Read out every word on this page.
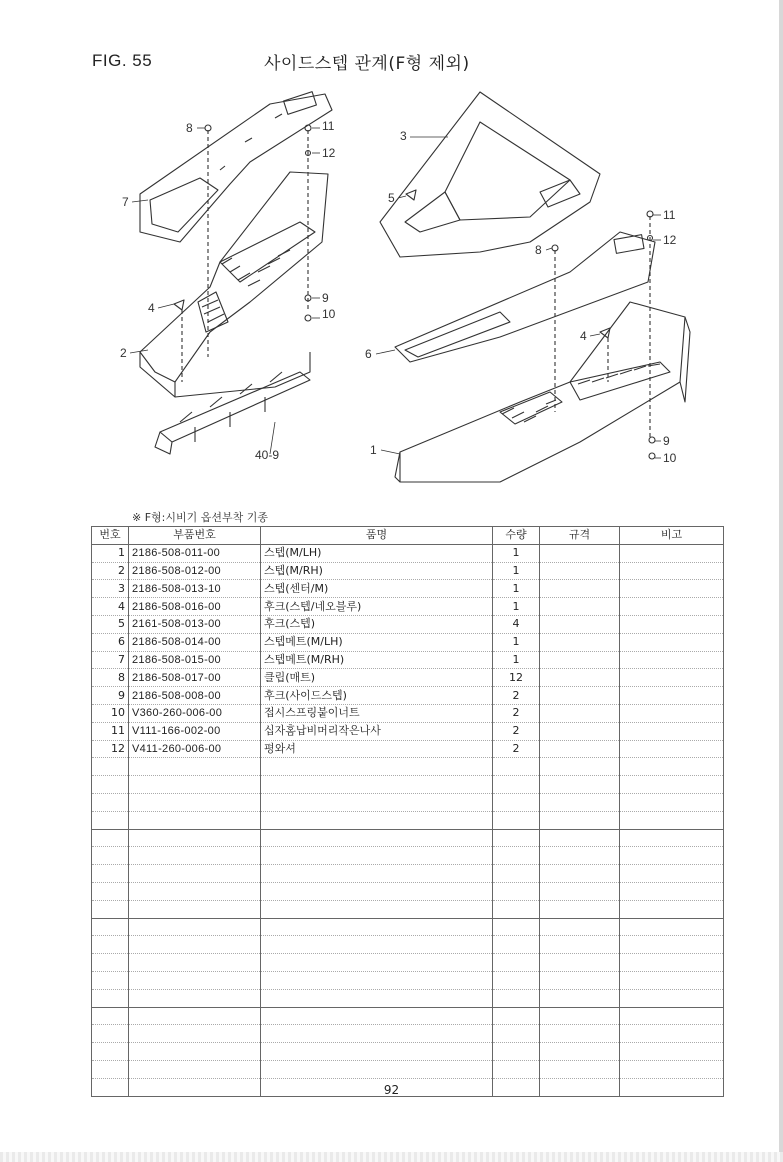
FIG. 55	사이드스텝 관계(F형 제외)
8	11
12
7
4
9
10
2
40-9
3
5
8
11
12
4
6
1
9
10
※ F형:시비기 옵션부착 기종
번호	부품번호	품명	수량	규격	비고
1	2186-508-011-00	스텝(M/LH)	1		
2	2186-508-012-00	스텝(M/RH)	1		
3	2186-508-013-10	스텝(센터/M)	1		
4	2186-508-016-00	후크(스텝/네오블루)	1		
5	2161-508-013-00	후크(스텝)	4		
6	2186-508-014-00	스텝메트(M/LH)	1		
7	2186-508-015-00	스텝메트(M/RH)	1		
8	2186-508-017-00	클립(매트)	12		
9	2186-508-008-00	후크(사이드스텝)	2		
10	V360-260-006-00	접시스프링붙이너트	2		
11	V111-166-002-00	십자홈납비머리작은나사	2		
12	V411-260-006-00	평와셔	2		

92
